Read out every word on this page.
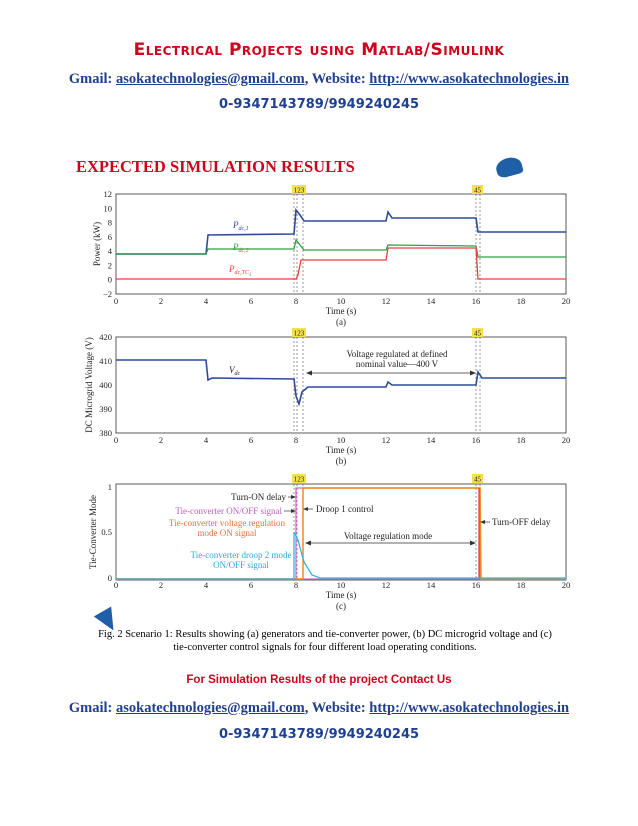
Electrical Projects using Matlab/Simulink
Gmail: asokatechnologies@gmail.com, Website: http://www.asokatechnologies.in
0-9347143789/9949240245
EXPECTED SIMULATION RESULTS
12
10
8
6
4
2
0
−2
0	2	4	6	8	10	12	14	16	18	20
Time (s)
(a)
Power (kW)
123	45
$P_{dc,1}$
$P_{dc,2}$
$P_{dc,TC1}$
420
410
400
390
380
0	2	4	6	8	10	12	14	16	18	20
Time (s)
(b)
DC Microgrid Voltage (V)
123	45
$V_{dc}$
Voltage regulated at defined
nominal value—400 V
1
0.5
0
0	2	4	6	8	10	12	14	16	18	20
Time (s)
(c)
Tie-Converter Mode
123	45
Turn-ON delay
Tie-converter ON/OFF signal
Tie-converter voltage regulation
mode ON signal
Droop 1 control
Turn-OFF delay
Voltage regulation mode
Tie-converter droop 2 mode
ON/OFF signal
Fig. 2 Scenario 1: Results showing (a) generators and tie-converter power, (b) DC microgrid voltage and (c) tie-converter control signals for four different load operating conditions.
For Simulation Results of the project Contact Us
Gmail: asokatechnologies@gmail.com, Website: http://www.asokatechnologies.in
0-9347143789/9949240245
